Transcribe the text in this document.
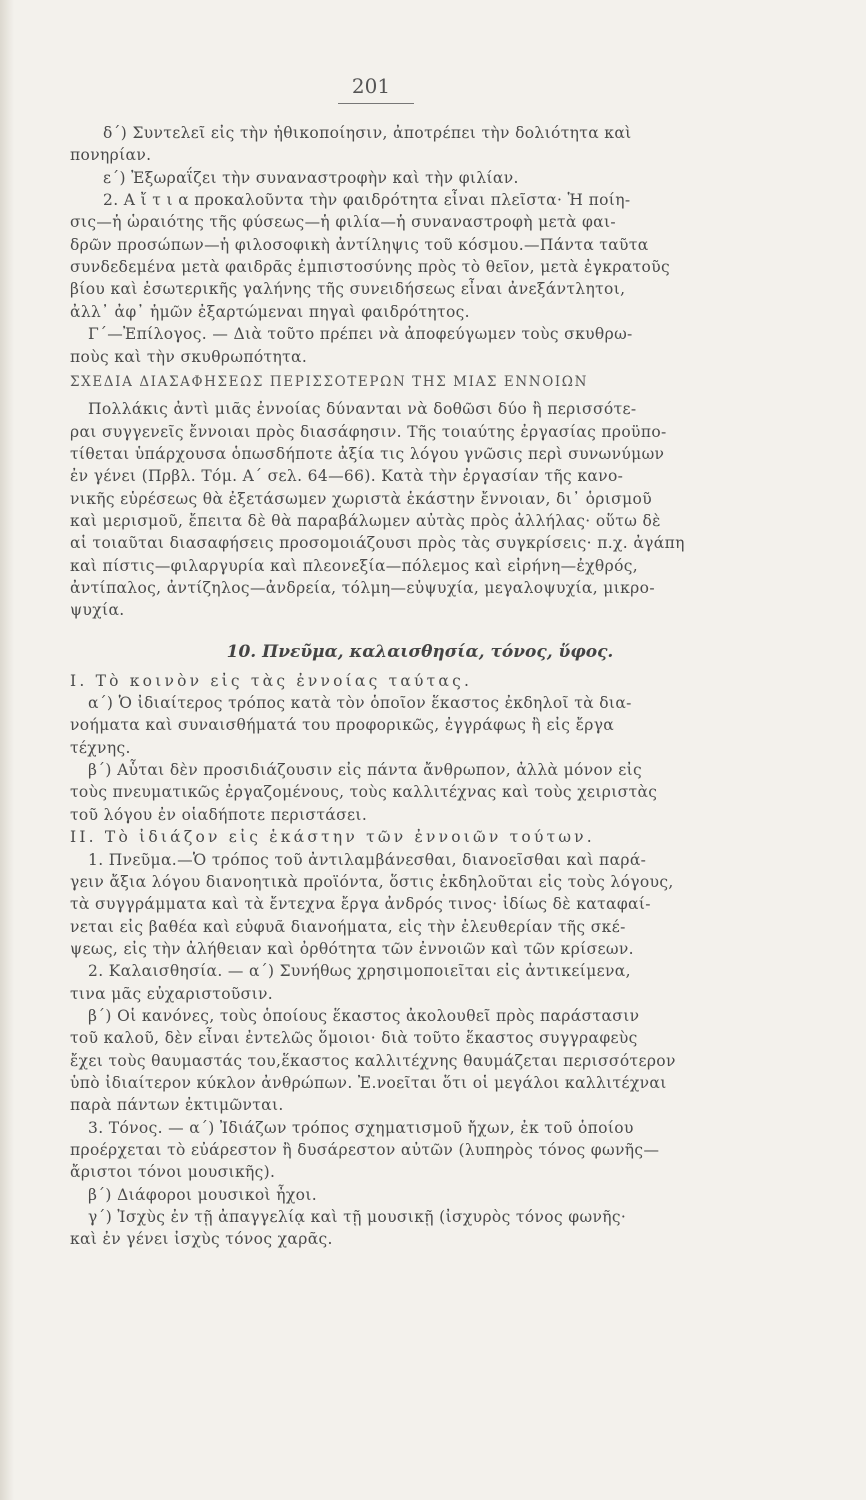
201
δ΄) Συντελεῖ εἰς τὴν ἠθικοποίησιν, ἀποτρέπει τὴν δολιότητα καὶ
πονηρίαν.
ε΄) Ἐξωραΐζει τὴν συναναστροφὴν καὶ τὴν φιλίαν.
2. Α ἴ τ ι α προκαλοῦντα τὴν φαιδρότητα εἶναι πλεῖστα· Ἡ ποίη-
σις—ἡ ὡραιότης τῆς φύσεως—ἡ φιλία—ἡ συναναστροφὴ μετὰ φαι-
δρῶν προσώπων—ἡ φιλοσοφικὴ ἀντίληψις τοῦ κόσμου.—Πάντα ταῦτα
συνδεδεμένα μετὰ φαιδρᾶς ἐμπιστοσύνης πρὸς τὸ θεῖον, μετὰ ἐγκρατοῦς
βίου καὶ ἐσωτερικῆς γαλήνης τῆς συνειδήσεως εἶναι ἀνεξάντλητοι,
ἀλλ᾽ ἀφ᾽ ἡμῶν ἐξαρτώμεναι πηγαὶ φαιδρότητος.
Γ΄—Ἐπίλογος. — Διὰ τοῦτο πρέπει νὰ ἀποφεύγωμεν τοὺς σκυθρω-
ποὺς καὶ τὴν σκυθρωπότητα.
ΣΧΕΔΙΑ ΔΙΑΣΑΦΗΣΕΩΣ ΠΕΡΙΣΣΟΤΕΡΩΝ ΤΗΣ ΜΙΑΣ ΕΝΝΟΙΩΝ
Πολλάκις ἀντὶ μιᾶς ἐννοίας δύνανται νὰ δοθῶσι δύο ἢ περισσότε-
ραι συγγενεῖς ἔννοιαι πρὸς διασάφησιν. Τῆς τοιαύτης ἐργασίας προϋπο-
τίθεται ὑπάρχουσα ὁπωσδήποτε ἀξία τις λόγου γνῶσις περὶ συνωνύμων
ἐν γένει (Πρβλ. Τόμ. Α΄ σελ. 64—66). Κατὰ τὴν ἐργασίαν τῆς κανο-
νικῆς εὑρέσεως θὰ ἐξετάσωμεν χωριστὰ ἑκάστην ἔννοιαν, δι᾽ ὁρισμοῦ
καὶ μερισμοῦ, ἔπειτα δὲ θὰ παραβάλωμεν αὐτὰς πρὸς ἀλλήλας· οὕτω δὲ
αἱ τοιαῦται διασαφήσεις προσομοιάζουσι πρὸς τὰς συγκρίσεις· π.χ. ἀγάπη
καὶ πίστις—φιλαργυρία καὶ πλεονεξία—πόλεμος καὶ εἰρήνη—ἐχθρός,
ἀντίπαλος, ἀντίζηλος—ἀνδρεία, τόλμη—εὐψυχία, μεγαλοψυχία, μικρο-
ψυχία.
10. Πνεῦμα, καλαισθησία, τόνος, ὕφος.
I. Τὸ κοινὸν εἰς τὰς ἐννοίας ταύτας.
α΄) Ὁ ἰδιαίτερος τρόπος κατὰ τὸν ὁποῖον ἕκαστος ἐκδηλοῖ τὰ δια-
νοήματα καὶ συναισθήματά του προφορικῶς, ἐγγράφως ἢ εἰς ἔργα
τέχνης.
β΄) Αὗται δὲν προσιδιάζουσιν εἰς πάντα ἄνθρωπον, ἀλλὰ μόνον εἰς
τοὺς πνευματικῶς ἐργαζομένους, τοὺς καλλιτέχνας καὶ τοὺς χειριστὰς
τοῦ λόγου ἐν οἱαδήποτε περιστάσει.
II. Τὸ ἰδιάζον εἰς ἑκάστην τῶν ἐννοιῶν τούτων.
1. Πνεῦμα.—Ὁ τρόπος τοῦ ἀντιλαμβάνεσθαι, διανοεῖσθαι καὶ παρά-
γειν ἄξια λόγου διανοητικὰ προϊόντα, ὅστις ἐκδηλοῦται εἰς τοὺς λόγους,
τὰ συγγράμματα καὶ τὰ ἔντεχνα ἔργα ἀνδρός τινος· ἰδίως δὲ καταφαί-
νεται εἰς βαθέα καὶ εὐφυᾶ διανοήματα, εἰς τὴν ἐλευθερίαν τῆς σκέ-
ψεως, εἰς τὴν ἀλήθειαν καὶ ὀρθότητα τῶν ἐννοιῶν καὶ τῶν κρίσεων.
2. Καλαισθησία. — α΄) Συνήθως χρησιμοποιεῖται εἰς ἀντικείμενα,
τινα μᾶς εὐχαριστοῦσιν.
β΄) Οἱ κανόνες, τοὺς ὁποίους ἕκαστος ἀκολουθεῖ πρὸς παράστασιν
τοῦ καλοῦ, δὲν εἶναι ἐντελῶς ὅμοιοι· διὰ τοῦτο ἕκαστος συγγραφεὺς
ἔχει τοὺς θαυμαστάς του,ἕκαστος καλλιτέχνης θαυμάζεται περισσότερον
ὑπὸ ἰδιαίτερον κύκλον ἀνθρώπων. Ἐ.νοεῖται ὅτι οἱ μεγάλοι καλλιτέχναι
παρὰ πάντων ἐκτιμῶνται.
3. Τόνος. — α΄) Ἰδιάζων τρόπος σχηματισμοῦ ἤχων, ἐκ τοῦ ὁποίου
προέρχεται τὸ εὐάρεστον ἢ δυσάρεστον αὐτῶν (λυπηρὸς τόνος φωνῆς—
ἄριστοι τόνοι μουσικῆς).
β΄) Διάφοροι μουσικοὶ ἦχοι.
γ΄) Ἰσχὺς ἐν τῇ ἀπαγγελίᾳ καὶ τῇ μουσικῇ (ἰσχυρὸς τόνος φωνῆς·
καὶ ἐν γένει ἰσχὺς τόνος χαρᾶς.
